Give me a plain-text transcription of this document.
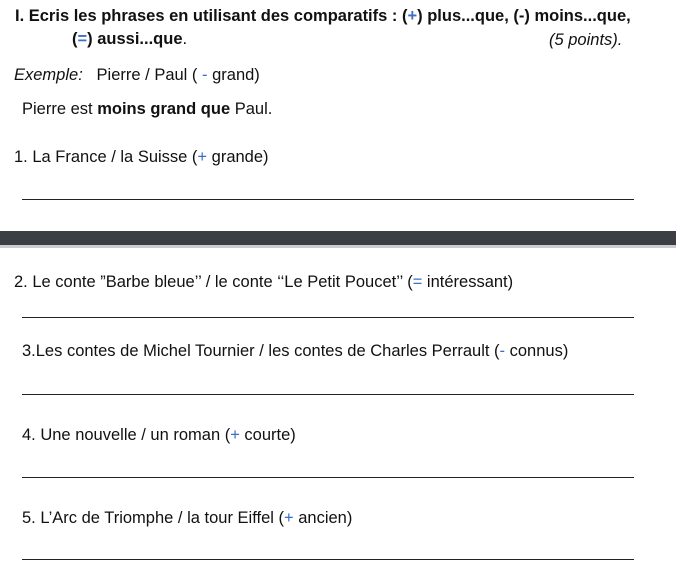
I. Ecris les phrases en utilisant des comparatifs : (+) plus...que, (-) moins...que,
(=) aussi...que.	(5 points).
Exemple: Pierre / Paul ( - grand)
Pierre est moins grand que Paul.
1. La France / la Suisse (+ grande)
2. Le conte ”Barbe bleue’’ / le conte ‘‘Le Petit Poucet’’ (= intéressant)
3.Les contes de Michel Tournier / les contes de Charles Perrault (- connus)
4. Une nouvelle / un roman (+ courte)
5. L’Arc de Triomphe / la tour Eiffel (+ ancien)
